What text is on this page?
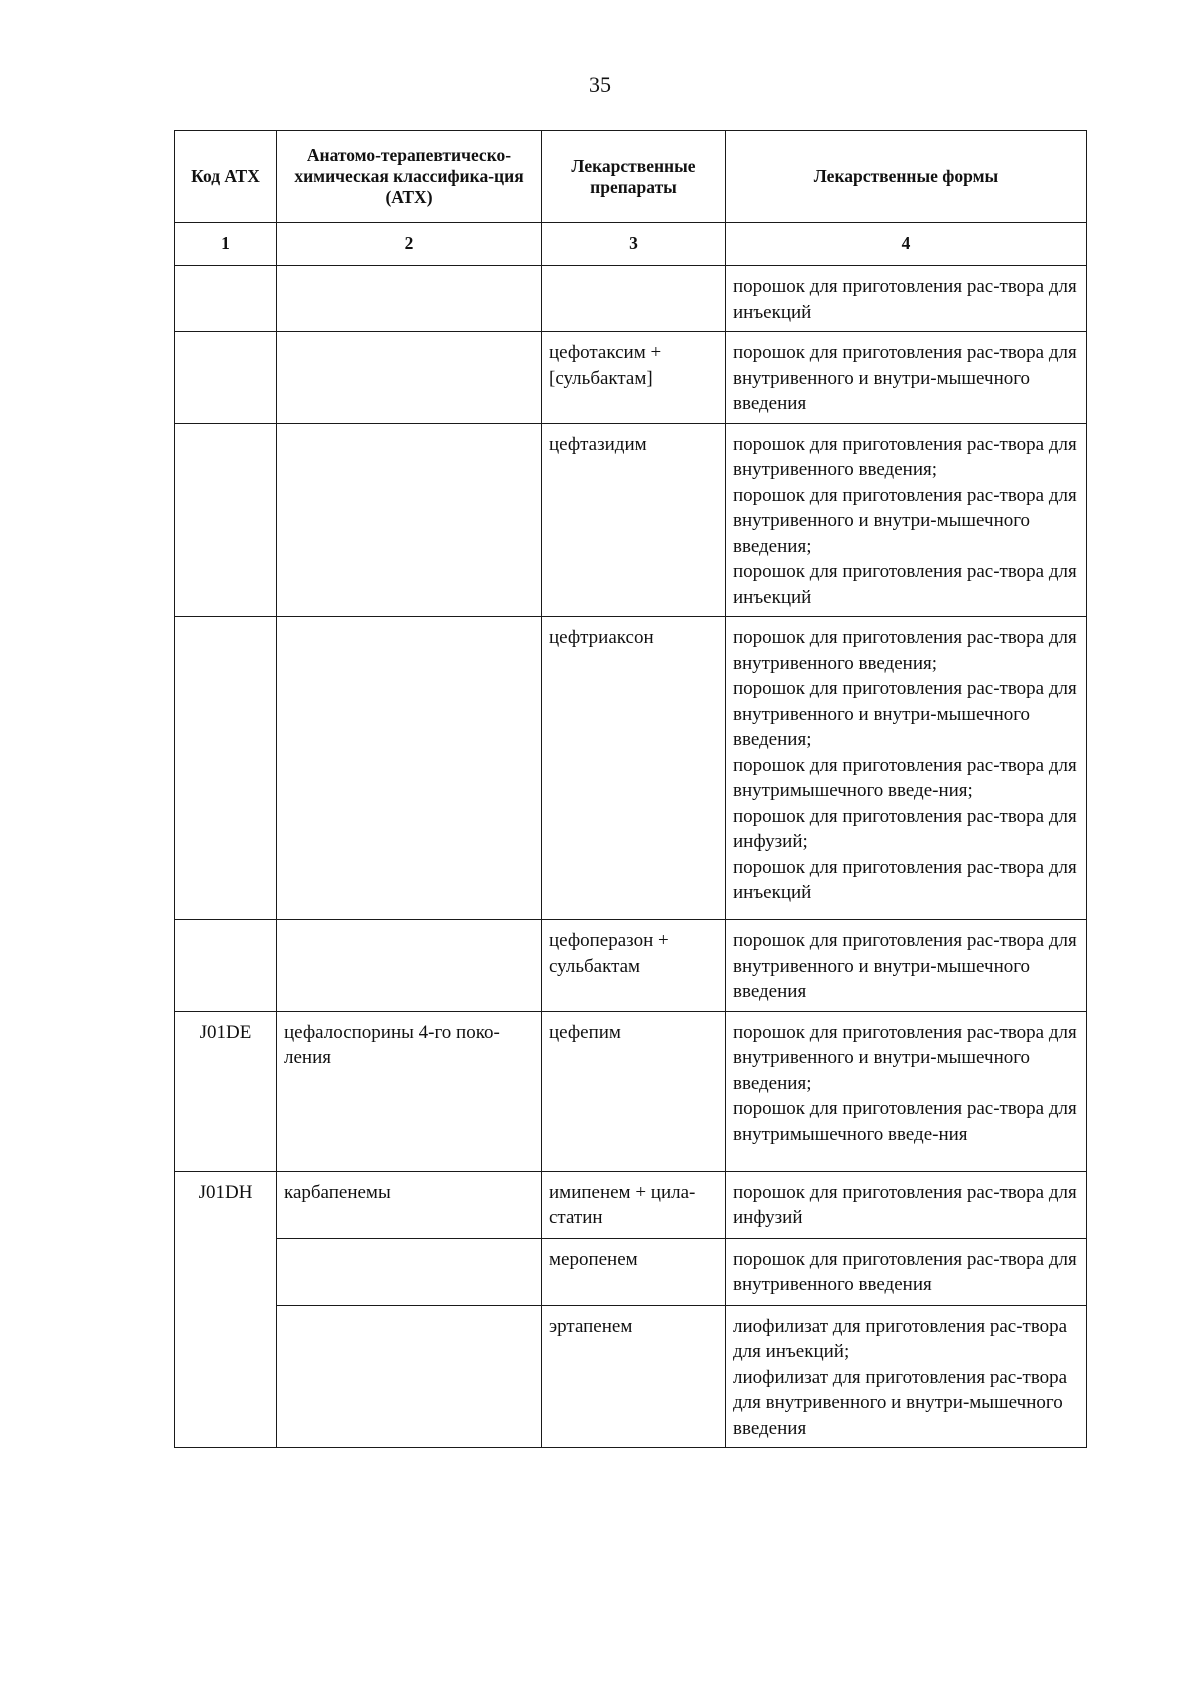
35
Код АТХ	Анатомо-терапевтическо-химическая классифика-ция (АТХ)	Лекарственные препараты	Лекарственные формы
1	2	3	4

			порошок для приготовления рас-твора для инъекций

		цефотаксим + [сульбактам]	порошок для приготовления рас-твора для внутривенного и внутри-мышечного введения

		цефтазидим	порошок для приготовления рас-твора для внутривенного введения;
порошок для приготовления рас-твора для внутривенного и внутри-мышечного введения;
порошок для приготовления рас-твора для инъекций

		цефтриаксон	порошок для приготовления рас-твора для внутривенного введения;
порошок для приготовления рас-твора для внутривенного и внутри-мышечного введения;
порошок для приготовления рас-твора для внутримышечного введе-ния;
порошок для приготовления рас-твора для инфузий;
порошок для приготовления рас-твора для инъекций

		цефоперазон + сульбактам	порошок для приготовления рас-твора для внутривенного и внутри-мышечного введения

J01DE	цефалоспорины 4-го поко-ления	цефепим	порошок для приготовления рас-твора для внутривенного и внутри-мышечного введения;
порошок для приготовления рас-твора для внутримышечного введе-ния

J01DH	карбапенемы	имипенем + цила-статин	порошок для приготовления рас-твора для инфузий

		меропенем	порошок для приготовления рас-твора для внутривенного введения

		эртапенем	лиофилизат для приготовления рас-твора для инъекций;
лиофилизат для приготовления рас-твора для внутривенного и внутри-мышечного введения
